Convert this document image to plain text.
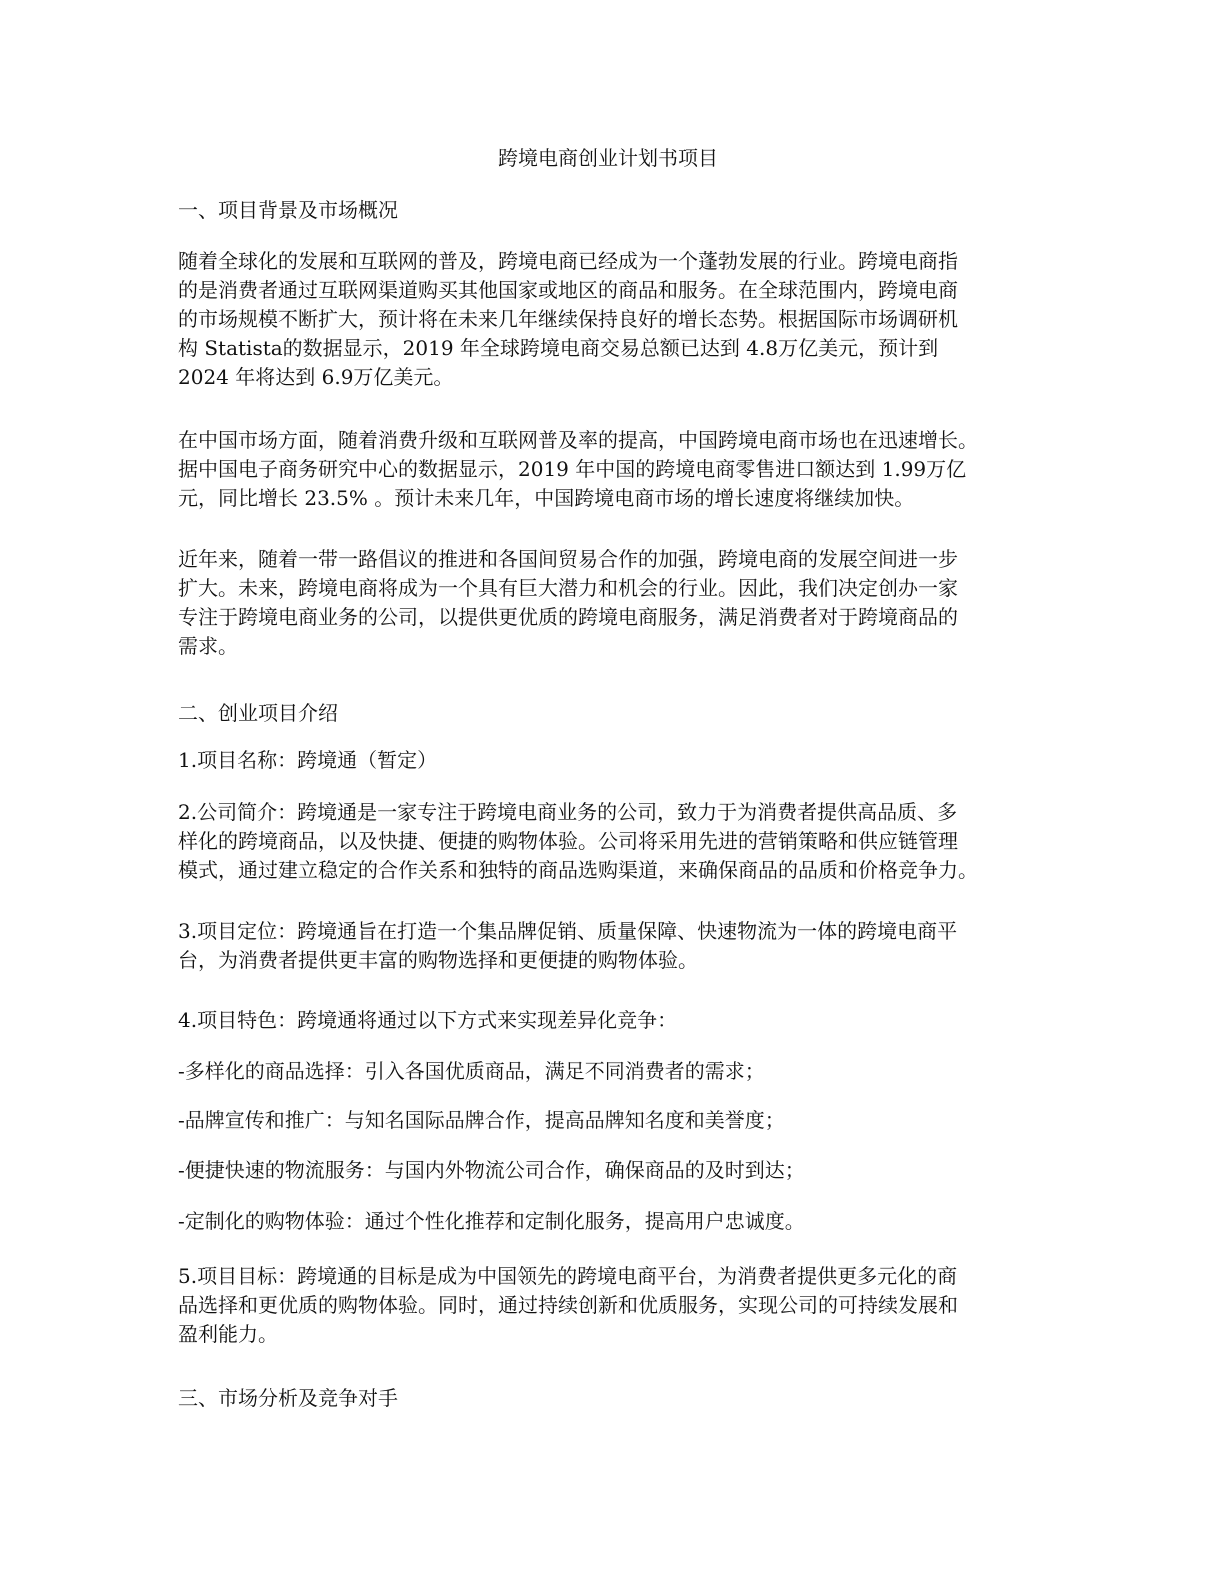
跨境电商创业计划书项目

一、项目背景及市场概况

随着全球化的发展和互联网的普及，跨境电商已经成为一个蓬勃发展的行业。跨境电商指
的是消费者通过互联网渠道购买其他国家或地区的商品和服务。在全球范围内，跨境电商
的市场规模不断扩大，预计将在未来几年继续保持良好的增长态势。根据国际市场调研机
构 Statista的数据显示，2019 年全球跨境电商交易总额已达到 4.8万亿美元，预计到
2024 年将达到 6.9万亿美元。

在中国市场方面，随着消费升级和互联网普及率的提高，中国跨境电商市场也在迅速增长。
据中国电子商务研究中心的数据显示，2019 年中国的跨境电商零售进口额达到 1.99万亿
元，同比增长 23.5% 。预计未来几年，中国跨境电商市场的增长速度将继续加快。

近年来，随着一带一路倡议的推进和各国间贸易合作的加强，跨境电商的发展空间进一步
扩大。未来，跨境电商将成为一个具有巨大潜力和机会的行业。因此，我们决定创办一家
专注于跨境电商业务的公司，以提供更优质的跨境电商服务，满足消费者对于跨境商品的
需求。

二、创业项目介绍

1.项目名称：跨境通（暂定）

2.公司简介：跨境通是一家专注于跨境电商业务的公司，致力于为消费者提供高品质、多
样化的跨境商品，以及快捷、便捷的购物体验。公司将采用先进的营销策略和供应链管理
模式，通过建立稳定的合作关系和独特的商品选购渠道，来确保商品的品质和价格竞争力。

3.项目定位：跨境通旨在打造一个集品牌促销、质量保障、快速物流为一体的跨境电商平
台，为消费者提供更丰富的购物选择和更便捷的购物体验。

4.项目特色：跨境通将通过以下方式来实现差异化竞争：

-多样化的商品选择：引入各国优质商品，满足不同消费者的需求；

-品牌宣传和推广：与知名国际品牌合作，提高品牌知名度和美誉度；

-便捷快速的物流服务：与国内外物流公司合作，确保商品的及时到达；

-定制化的购物体验：通过个性化推荐和定制化服务，提高用户忠诚度。

5.项目目标：跨境通的目标是成为中国领先的跨境电商平台，为消费者提供更多元化的商
品选择和更优质的购物体验。同时，通过持续创新和优质服务，实现公司的可持续发展和
盈利能力。

三、市场分析及竞争对手
